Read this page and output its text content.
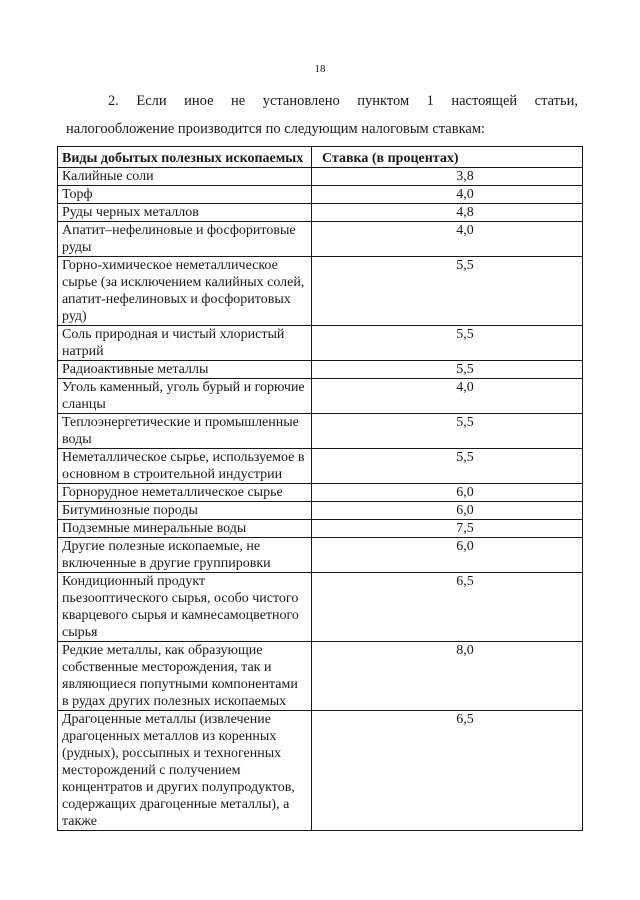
18
2. Если иное не установлено пунктом 1 настоящей статьи,
налогообложение производится по следующим налоговым ставкам:
Виды добытых полезных ископаемых	Ставка (в процентах)
Калийные соли	3,8
Торф	4,0
Руды черных металлов	4,8
Апатит–нефелиновые и фосфоритовые руды	4,0
Горно-химическое неметаллическое сырье (за исключением калийных солей, апатит-нефелиновых и фосфоритовых руд)	5,5
Соль природная и чистый хлористый натрий	5,5
Радиоактивные металлы	5,5
Уголь каменный, уголь бурый и горючие сланцы	4,0
Теплоэнергетические и промышленные воды	5,5
Неметаллическое сырье, используемое в основном в строительной индустрии	5,5
Горнорудное неметаллическое сырье	6,0
Битуминозные породы	6,0
Подземные минеральные воды	7,5
Другие полезные ископаемые, не включенные в другие группировки	6,0
Кондиционный продукт пьезооптического сырья, особо чистого кварцевого сырья и камнесамоцветного сырья	6,5
Редкие металлы, как образующие собственные месторождения, так и являющиеся попутными компонентами в рудах других полезных ископаемых	8,0
Драгоценные металлы (извлечение драгоценных металлов из коренных (рудных), россыпных и техногенных месторождений с получением концентратов и других полупродуктов, содержащих драгоценные металлы), а также	6,5
